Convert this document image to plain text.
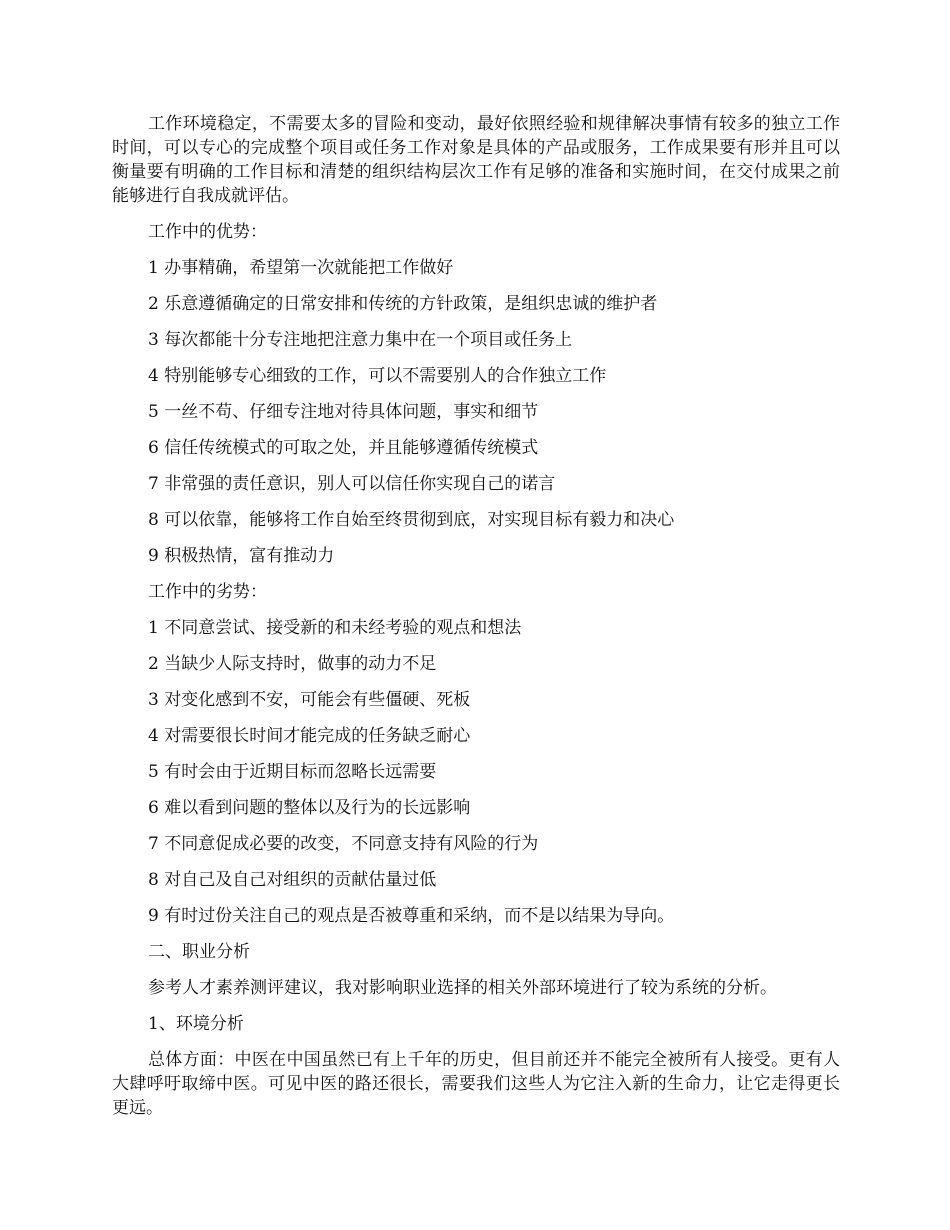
工作环境稳定，不需要太多的冒险和变动，最好依照经验和规律解决事情有较多的独立工作时间，可以专心的完成整个项目或任务工作对象是具体的产品或服务，工作成果要有形并且可以衡量要有明确的工作目标和清楚的组织结构层次工作有足够的准备和实施时间，在交付成果之前能够进行自我成就评估。

工作中的优势：

1 办事精确，希望第一次就能把工作做好

2 乐意遵循确定的日常安排和传统的方针政策，是组织忠诚的维护者

3 每次都能十分专注地把注意力集中在一个项目或任务上

4 特别能够专心细致的工作，可以不需要别人的合作独立工作

5 一丝不苟、仔细专注地对待具体问题，事实和细节

6 信任传统模式的可取之处，并且能够遵循传统模式

7 非常强的责任意识，别人可以信任你实现自己的诺言

8 可以依靠，能够将工作自始至终贯彻到底，对实现目标有毅力和决心

9 积极热情，富有推动力

工作中的劣势：

1 不同意尝试、接受新的和未经考验的观点和想法

2 当缺少人际支持时，做事的动力不足

3 对变化感到不安，可能会有些僵硬、死板

4 对需要很长时间才能完成的任务缺乏耐心

5 有时会由于近期目标而忽略长远需要

6 难以看到问题的整体以及行为的长远影响

7 不同意促成必要的改变，不同意支持有风险的行为

8 对自己及自己对组织的贡献估量过低

9 有时过份关注自己的观点是否被尊重和采纳，而不是以结果为导向。

二、职业分析

参考人才素养测评建议，我对影响职业选择的相关外部环境进行了较为系统的分析。

1、环境分析

总体方面：中医在中国虽然已有上千年的历史，但目前还并不能完全被所有人接受。更有人大肆呼吁取缔中医。可见中医的路还很长，需要我们这些人为它注入新的生命力，让它走得更长更远。
